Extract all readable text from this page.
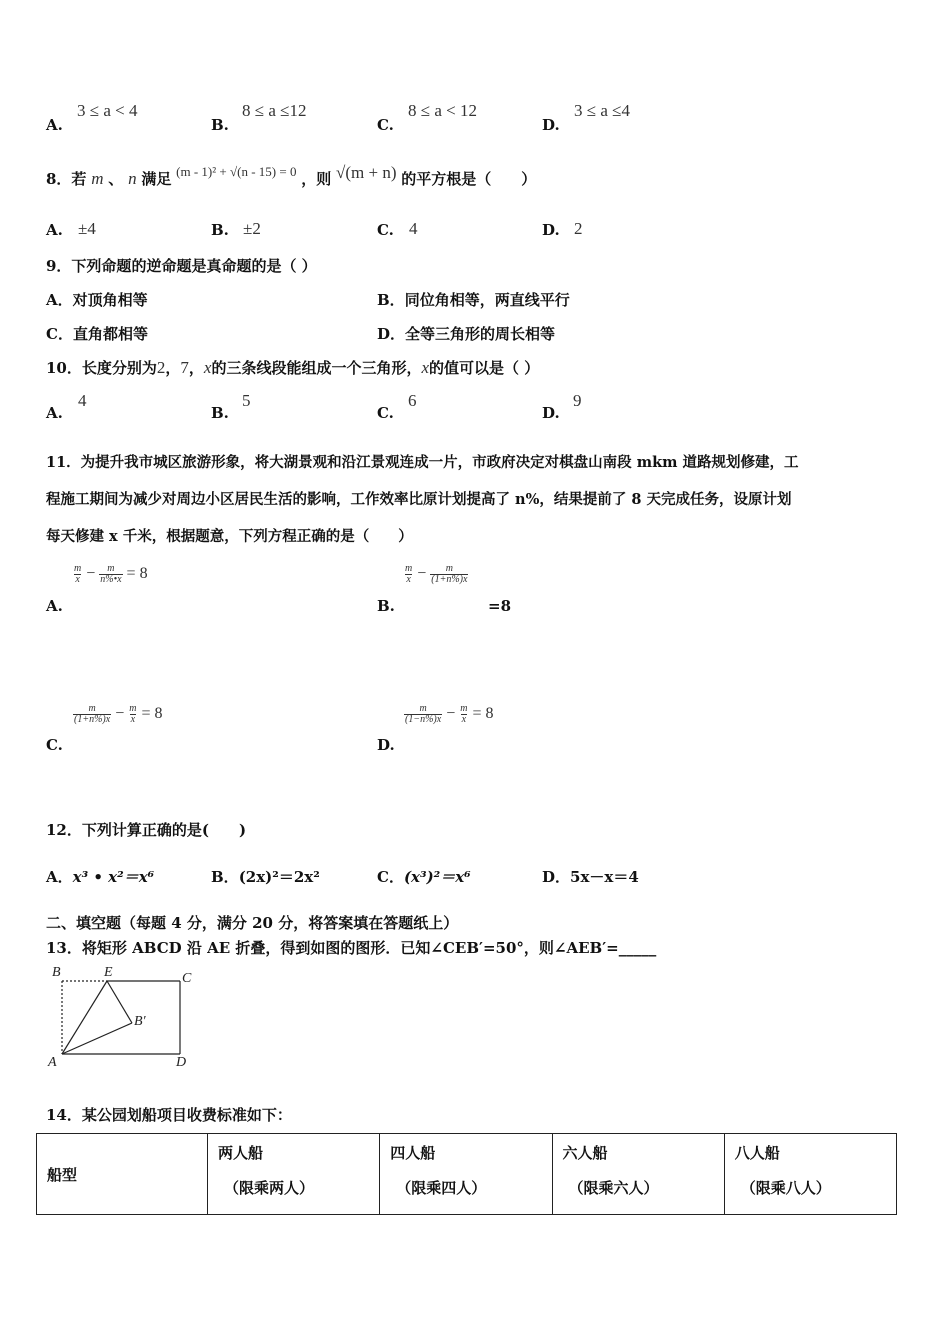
A.
3 ≤ a < 4
B.
8 ≤ a ≤12
C.
8 ≤ a < 12
D.
3 ≤ a ≤4
8．若 m 、 n 满足 (m - 1)² + √(n - 15) = 0 ，则 √(m + n) 的平方根是（　　）
A. ±4	B. ±2	C. 4	D. 2
9．下列命题的逆命题是真命题的是（ ）
A．对顶角相等	B．同位角相等，两直线平行
C．直角都相等	D．全等三角形的周长相等
10．长度分别为2，7，x的三条线段能组成一个三角形，x的值可以是（ ）
A.
4
B.
5
C.
6
D.
9
11．为提升我市城区旅游形象，将大湖景观和沿江景观连成一片，市政府决定对棋盘山南段 mkm 道路规划修建，工
程施工期间为减少对周边小区居民生活的影响，工作效率比原计划提高了 n%，结果提前了 8 天完成任务，设原计划
每天修建 x 千米，根据题意，下列方程正确的是（　　）
$\frac{m}{x} - \frac{m}{n\%•x} = 8$
A.
$\frac{m}{x} - \frac{m}{(1+n\%)x}$
B.	=8
$\frac{m}{(1+n\%)x} - \frac{m}{x} = 8$
C.
$\frac{m}{(1-n\%)x} - \frac{m}{x} = 8$
D.
12．下列计算正确的是(　　)
A．x³ • x²＝x⁶	B．(2x)²＝2x²	C．(x³)²＝x⁶	D．5x－x＝4
二、填空题（每题 4 分，满分 20 分，将答案填在答题纸上）
13．将矩形 ABCD 沿 AE 折叠，得到如图的图形．已知∠CEB′=50°，则∠AEB′=_____
B	E	C
B′
A	D
14．某公园划船项目收费标准如下：
船型	两人船
（限乘两人）
	四人船
（限乘四人）
	六人船
（限乘六人）
	八人船
（限乘八人）
